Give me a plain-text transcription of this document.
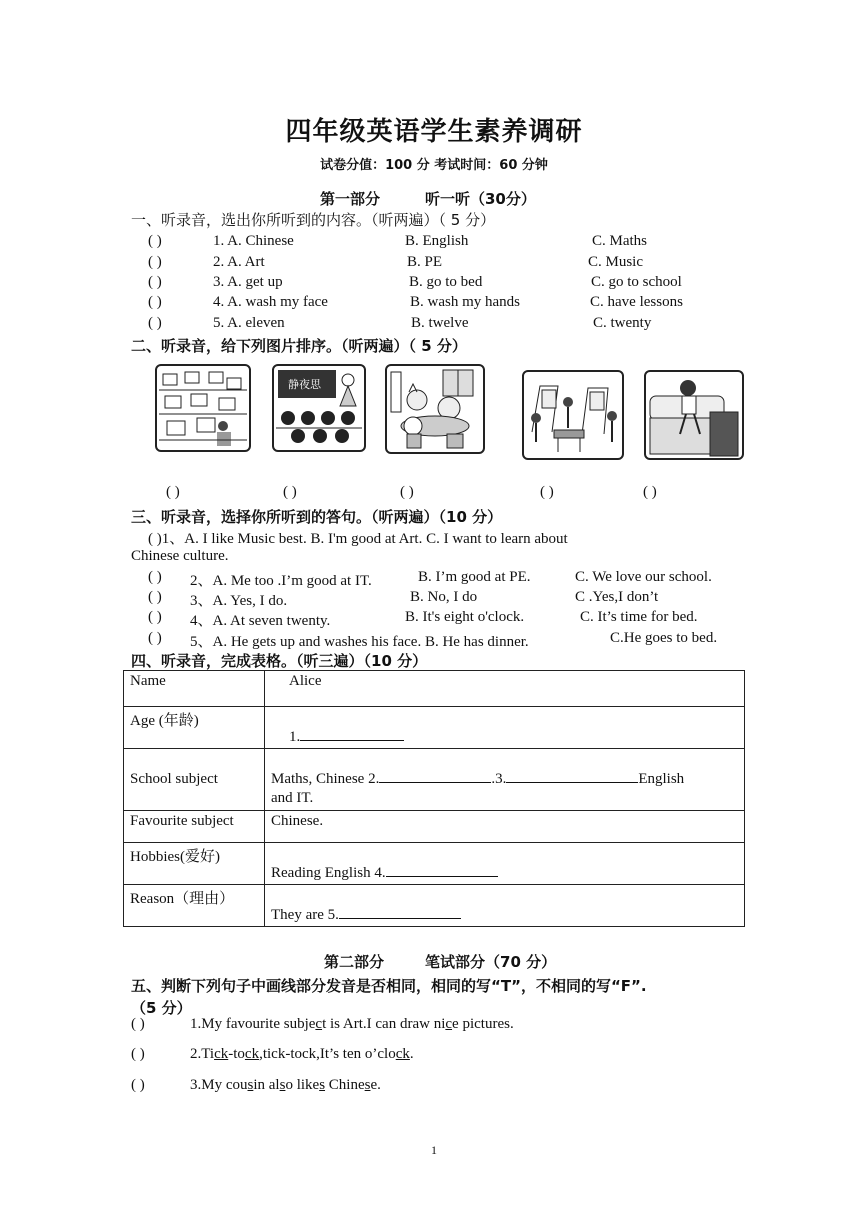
四年级英语学生素养调研
试卷分值：100 分 考试时间：60 分钟
第一部分	听一听（30分）
一、听录音，选出你所听到的内容。（听两遍）（ 5 分）
( )	1. A. Chinese	B. English	C. Maths
( )	2. A. Art	B. PE	C. Music
( )	3. A. get up	B. go to bed	C. go to school
( )	4. A. wash my face	B. wash my hands	C. have lessons
( )	5. A. eleven	B. twelve	C. twenty
二、听录音，给下列图片排序。（听两遍）（ 5 分）
静夜思
( )	( )	( )	( )	( )
三、听录音，选择你所听到的答句。（听两遍）（10 分）
( )1、A. I like Music best. B. I'm good at Art. C. I want to learn about
Chinese culture.
( ) 2、A. Me too .I’m good at IT.	B. I’m good at PE.	C. We love our school.
( ) 3、A. Yes, I do.	B. No, I do	C .Yes,I don’t
( ) 4、A. At seven twenty.	B. It's eight o'clock.	C. It’s time for bed.
( ) 5、A. He gets up and washes his face. B. He has dinner.	C.He goes to bed.
四、听录音，完成表格。（听三遍）（10 分）
Name	Alice
Age (年龄)	1.
School subject	Maths, Chinese 2. .3. English
and IT.
Favourite subject	Chinese.
Hobbies(爱好)	Reading English 4.
Reason（理由）	They are 5.
第二部分	笔试部分（70 分）
五、判断下列句子中画线部分发音是否相同，相同的写“T”，不相同的写“F”.
（5 分）
( )	1.My favourite subject is Art.I can draw nice pictures.
( )	2.Tick-tock,tick-tock,It’s ten o’clock.
( )	3.My cousin also likes Chinese.
1
